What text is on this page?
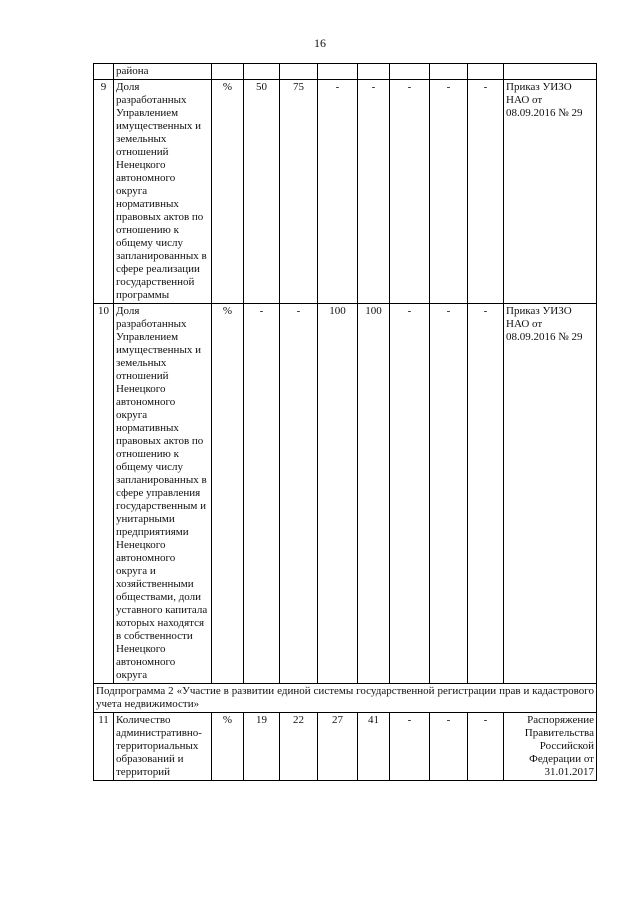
16
	района									
9	Доля разработанных Управлением имущественных и земельных отношений Ненецкого автономного округа нормативных правовых актов по отношению к общему числу запланированных в сфере реализации государственной программы	%	50	75	-	-	-	-	-	Приказ УИЗО НАО от 08.09.2016 № 29
10	Доля разработанных Управлением имущественных и земельных отношений Ненецкого автономного округа нормативных правовых актов по отношению к общему числу запланированных в сфере управления государственным и унитарными предприятиями Ненецкого автономного округа и хозяйственными обществами, доли уставного капитала которых находятся в собственности Ненецкого автономного округа	%	-	-	100	100	-	-	-	Приказ УИЗО НАО от 08.09.2016 № 29
Подпрограмма 2 «Участие в развитии единой системы государственной регистрации прав и кадастрового учета недвижимости»										
11	Количество административно-территориальных образований и территорий	%	19	22	27	41	-	-	-	Распоряжение Правительства Российской Федерации от 31.01.2017
